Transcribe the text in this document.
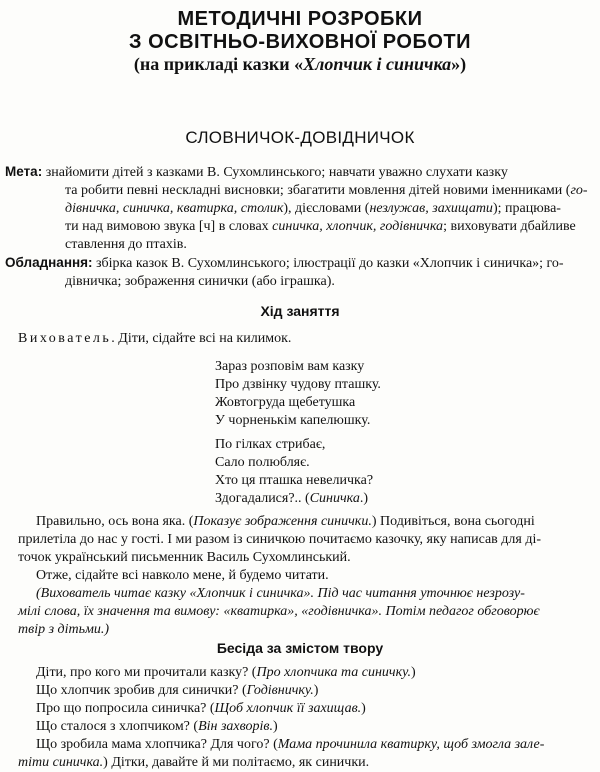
МЕТОДИЧНІ РОЗРОБКИ
З ОСВІТНЬО-ВИХОВНОЇ РОБОТИ
(на прикладі казки «Хлопчик і синичка»)
СЛОВНИЧОК-ДОВІДНИЧОК
Мета: знайомити дітей з казками В. Сухомлинського; навчати уважно слухати казку
та робити певні нескладні висновки; збагатити мовлення дітей новими іменниками (го-
дівничка, синичка, кватирка, столик), дієсловами (незлужав, захищати); працюва-
ти над вимовою звука [ч] в словах синичка, хлопчик, годівничка; виховувати дбайливе
ставлення до птахів.
Обладнання: збірка казок В. Сухомлинського; ілюстрації до казки «Хлопчик і синичка»; го-
дівничка; зображення синички (або іграшка).
Хід заняття
Вихователь. Діти, сідайте всі на килимок.
Зараз розповім вам казку
Про дзвінку чудову пташку.
Жовтогруда щебетушка
У чорненькім капелюшку.
По гілках стрибає,
Сало полюбляє.
Хто ця пташка невеличка?
Здогадалися?.. (Синичка.)
Правильно, ось вона яка. (Показує зображення синички.) Подивіться, вона сьогодні
прилетіла до нас у гості. І ми разом із синичкою почитаємо казочку, яку написав для ді-
точок український письменник Василь Сухомлинський.
Отже, сідайте всі навколо мене, й будемо читати.
(Вихователь читає казку «Хлопчик і синичка». Під час читання уточнює незрозу-
мілі слова, їх значення та вимову: «кватирка», «годівничка». Потім педагог обговорює
твір з дітьми.)
Бесіда за змістом твору
Діти, про кого ми прочитали казку? (Про хлопчика та синичку.)
Що хлопчик зробив для синички? (Годівничку.)
Про що попросила синичка? (Щоб хлопчик її захищав.)
Що сталося з хлопчиком? (Він захворів.)
Що зробила мама хлопчика? Для чого? (Мама прочинила кватирку, щоб змогла зале-
тіти синичка.) Дітки, давайте й ми політаємо, як синички.
